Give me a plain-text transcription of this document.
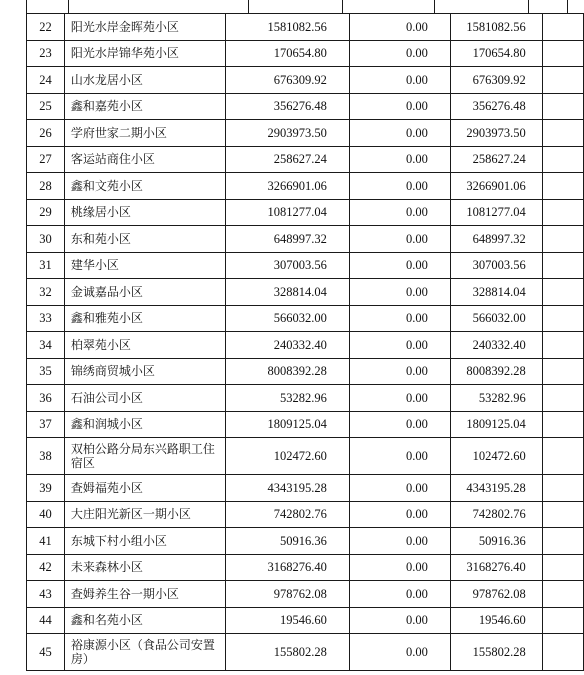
22	阳光水岸金晖苑小区	1581082.56	0.00	1581082.56	
23	阳光水岸锦华苑小区	170654.80	0.00	170654.80	
24	山水龙居小区	676309.92	0.00	676309.92	
25	鑫和嘉苑小区	356276.48	0.00	356276.48	
26	学府世家二期小区	2903973.50	0.00	2903973.50	
27	客运站商住小区	258627.24	0.00	258627.24	
28	鑫和文苑小区	3266901.06	0.00	3266901.06	
29	桃缘居小区	1081277.04	0.00	1081277.04	
30	东和苑小区	648997.32	0.00	648997.32	
31	建华小区	307003.56	0.00	307003.56	
32	金诚嘉品小区	328814.04	0.00	328814.04	
33	鑫和雅苑小区	566032.00	0.00	566032.00	
34	柏翠苑小区	240332.40	0.00	240332.40	
35	锦绣商贸城小区	8008392.28	0.00	8008392.28	
36	石油公司小区	53282.96	0.00	53282.96	
37	鑫和润城小区	1809125.04	0.00	1809125.04	
38	双柏公路分局东兴路职工住宿区	102472.60	0.00	102472.60	
39	查姆福苑小区	4343195.28	0.00	4343195.28	
40	大庄阳光新区一期小区	742802.76	0.00	742802.76	
41	东城下村小组小区	50916.36	0.00	50916.36	
42	未来森林小区	3168276.40	0.00	3168276.40	
43	查姆养生谷一期小区	978762.08	0.00	978762.08	
44	鑫和名苑小区	19546.60	0.00	19546.60	
45	裕康源小区（食品公司安置房）	155802.28	0.00	155802.28	
